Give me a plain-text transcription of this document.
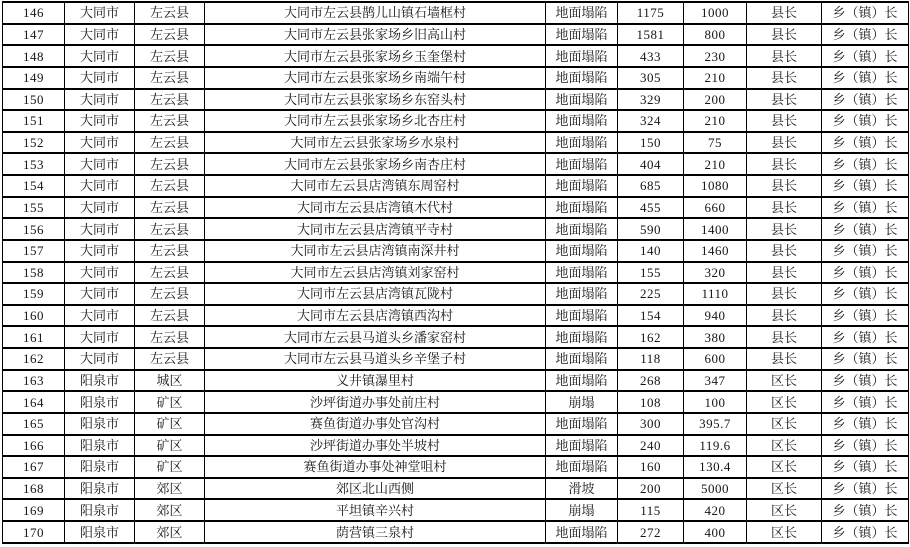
146	大同市	左云县	大同市左云县鹊儿山镇石墙框村	地面塌陷	1175	1000	县长	乡（镇）长
147	大同市	左云县	大同市左云县张家场乡旧高山村	地面塌陷	1581	800	县长	乡（镇）长
148	大同市	左云县	大同市左云县张家场乡玉奎堡村	地面塌陷	433	230	县长	乡（镇）长
149	大同市	左云县	大同市左云县张家场乡南端午村	地面塌陷	305	210	县长	乡（镇）长
150	大同市	左云县	大同市左云县张家场乡东窑头村	地面塌陷	329	200	县长	乡（镇）长
151	大同市	左云县	大同市左云县张家场乡北杏庄村	地面塌陷	324	210	县长	乡（镇）长
152	大同市	左云县	大同市左云县张家场乡水泉村	地面塌陷	150	75	县长	乡（镇）长
153	大同市	左云县	大同市左云县张家场乡南杏庄村	地面塌陷	404	210	县长	乡（镇）长
154	大同市	左云县	大同市左云县店湾镇东周窑村	地面塌陷	685	1080	县长	乡（镇）长
155	大同市	左云县	大同市左云县店湾镇木代村	地面塌陷	455	660	县长	乡（镇）长
156	大同市	左云县	大同市左云县店湾镇平寺村	地面塌陷	590	1400	县长	乡（镇）长
157	大同市	左云县	大同市左云县店湾镇南深井村	地面塌陷	140	1460	县长	乡（镇）长
158	大同市	左云县	大同市左云县店湾镇刘家窑村	地面塌陷	155	320	县长	乡（镇）长
159	大同市	左云县	大同市左云县店湾镇瓦陇村	地面塌陷	225	1110	县长	乡（镇）长
160	大同市	左云县	大同市左云县店湾镇西沟村	地面塌陷	154	940	县长	乡（镇）长
161	大同市	左云县	大同市左云县马道头乡潘家窑村	地面塌陷	162	380	县长	乡（镇）长
162	大同市	左云县	大同市左云县马道头乡辛堡子村	地面塌陷	118	600	县长	乡（镇）长
163	阳泉市	城区	义井镇瀑里村	地面塌陷	268	347	区长	乡（镇）长
164	阳泉市	矿区	沙坪街道办事处前庄村	崩塌	108	100	区长	乡（镇）长
165	阳泉市	矿区	赛鱼街道办事处官沟村	地面塌陷	300	395.7	区长	乡（镇）长
166	阳泉市	矿区	沙坪街道办事处半坡村	地面塌陷	240	119.6	区长	乡（镇）长
167	阳泉市	矿区	赛鱼街道办事处神堂咀村	地面塌陷	160	130.4	区长	乡（镇）长
168	阳泉市	郊区	郊区北山西侧	滑坡	200	5000	区长	乡（镇）长
169	阳泉市	郊区	平坦镇辛兴村	崩塌	115	420	区长	乡（镇）长
170	阳泉市	郊区	荫营镇三泉村	地面塌陷	272	400	区长	乡（镇）长
